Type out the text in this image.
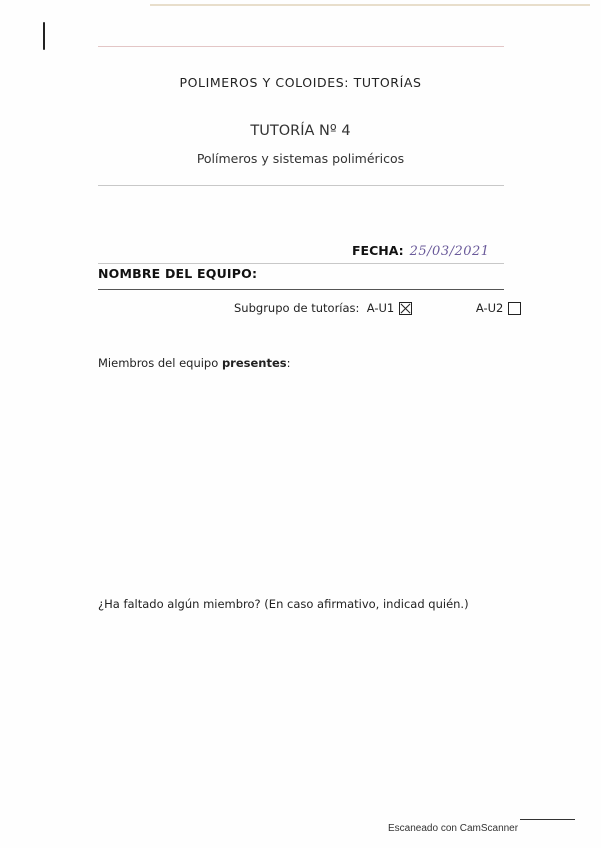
POLIMEROS Y COLOIDES: TUTORÍAS
TUTORÍA Nº 4
Polímeros y sistemas poliméricos
FECHA: 25/03/2021
NOMBRE DEL EQUIPO:
Subgrupo de tutorías: A-U1
	A-U2
Miembros del equipo presentes:
¿Ha faltado algún miembro? (En caso afirmativo, indicad quién.)
Escaneado con CamScanner
